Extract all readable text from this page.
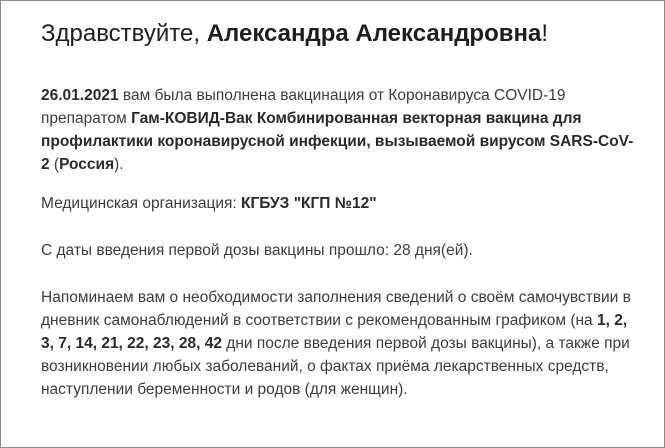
Здравствуйте, Александра Александровна!
26.01.2021 вам была выполнена вакцинация от Коронавируса COVID-19 препаратом Гам-КОВИД-Вак Комбинированная векторная вакцина для профилактики коронавирусной инфекции, вызываемой вирусом SARS-CoV-2 (Россия).
Медицинская организация: КГБУЗ "КГП №12"
С даты введения первой дозы вакцины прошло: 28 дня(ей).
Напоминаем вам о необходимости заполнения сведений о своём самочувствии в дневник самонаблюдений в соответствии с рекомендованным графиком (на 1, 2, 3, 7, 14, 21, 22, 23, 28, 42 дни после введения первой дозы вакцины), а также при возникновении любых заболеваний, о фактах приёма лекарственных средств, наступлении беременности и родов (для женщин).
